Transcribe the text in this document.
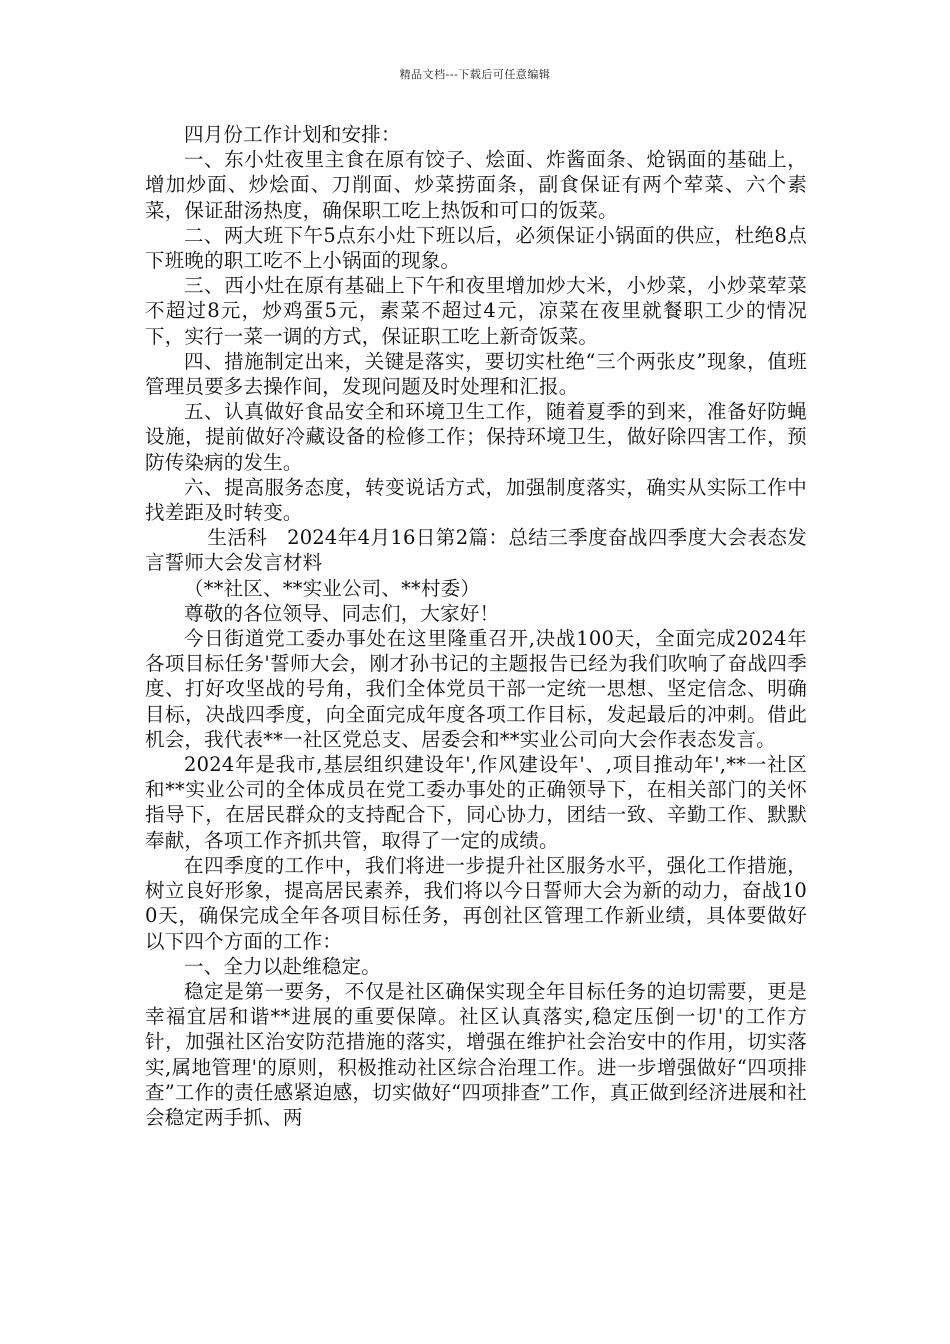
精品文档---下载后可任意编辑

四月份工作计划和安排：

一、东小灶夜里主食在原有饺子、烩面、炸酱面条、炝锅面的基础上，增加炒面、炒烩面、刀削面、炒菜捞面条，副食保证有两个荤菜、六个素菜，保证甜汤热度，确保职工吃上热饭和可口的饭菜。

二、两大班下午5点东小灶下班以后，必须保证小锅面的供应，杜绝8点下班晚的职工吃不上小锅面的现象。

三、西小灶在原有基础上下午和夜里增加炒大米，小炒菜，小炒菜荤菜不超过8元，炒鸡蛋5元，素菜不超过4元，凉菜在夜里就餐职工少的情况下，实行一菜一调的方式，保证职工吃上新奇饭菜。

四、措施制定出来，关键是落实，要切实杜绝“三个两张皮”现象，值班管理员要多去操作间，发现问题及时处理和汇报。

五、认真做好食品安全和环境卫生工作，随着夏季的到来，准备好防蝇设施，提前做好冷藏设备的检修工作；保持环境卫生，做好除四害工作，预防传染病的发生。

六、提高服务态度，转变说话方式，加强制度落实，确实从实际工作中找差距及时转变。

生活科　2024年4月16日第2篇：总结三季度奋战四季度大会表态发言誓师大会发言材料

（**社区、**实业公司、**村委）

尊敬的各位领导、同志们，大家好！

今日街道党工委办事处在这里隆重召开,决战100天，全面完成2024年各项目标任务'誓师大会，刚才孙书记的主题报告已经为我们吹响了奋战四季度、打好攻坚战的号角，我们全体党员干部一定统一思想、坚定信念、明确目标，决战四季度，向全面完成年度各项工作目标，发起最后的冲刺。借此机会，我代表**一社区党总支、居委会和**实业公司向大会作表态发言。

2024年是我市,基层组织建设年',作风建设年'、,项目推动年',**一社区和**实业公司的全体成员在党工委办事处的正确领导下，在相关部门的关怀指导下，在居民群众的支持配合下，同心协力，团结一致、辛勤工作、默默奉献，各项工作齐抓共管，取得了一定的成绩。

在四季度的工作中，我们将进一步提升社区服务水平，强化工作措施，树立良好形象，提高居民素养，我们将以今日誓师大会为新的动力，奋战100天，确保完成全年各项目标任务，再创社区管理工作新业绩，具体要做好以下四个方面的工作：

一、全力以赴维稳定。

稳定是第一要务，不仅是社区确保实现全年目标任务的迫切需要，更是幸福宜居和谐**进展的重要保障。社区认真落实,稳定压倒一切'的工作方针，加强社区治安防范措施的落实，增强在维护社会治安中的作用，切实落实,属地管理'的原则，积极推动社区综合治理工作。进一步增强做好“四项排查”工作的责任感紧迫感，切实做好“四项排查”工作，真正做到经济进展和社会稳定两手抓、两
